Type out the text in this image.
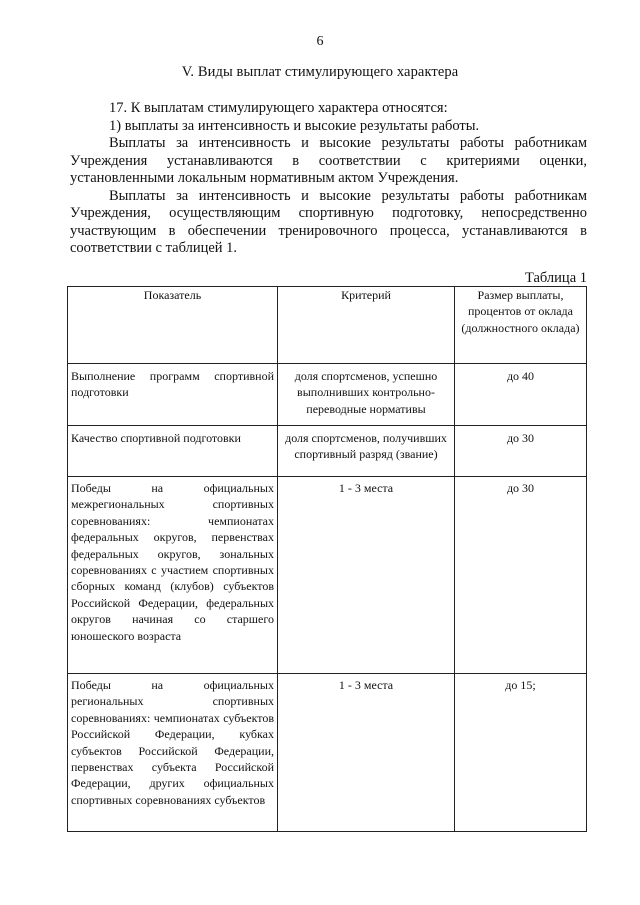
6
V. Виды выплат стимулирующего характера

17. К выплатам стимулирующего характера относятся:

1) выплаты за интенсивность и высокие результаты работы.

Выплаты за интенсивность и высокие результаты работы работникам Учреждения устанавливаются в соответствии с критериями оценки, установленными локальным нормативным актом Учреждения.

Выплаты за интенсивность и высокие результаты работы работникам Учреждения, осуществляющим спортивную подготовку, непосредственно участвующим в обеспечении тренировочного процесса, устанавливаются в соответствии с таблицей 1.

Таблица 1
Показатель	Критерий	Размер выплаты, процентов от оклада (должностного оклада)
Выполнение программ спортивной подготовки	доля спортсменов, успешно выполнивших контрольно-переводные нормативы	до 40
Качество спортивной подготовки	доля спортсменов, получивших спортивный разряд (звание)	до 30
Победы на официальных межрегиональных спортивных соревнованиях: чемпионатах федеральных округов, первенствах федеральных округов, зональных соревнованиях с участием спортивных сборных команд (клубов) субъектов Российской Федерации, федеральных округов начиная со старшего юношеского возраста	1 - 3 места	до 30
Победы на официальных региональных спортивных соревнованиях: чемпионатах субъектов Российской Федерации, кубках субъектов Российской Федерации, первенствах субъекта Российской Федерации, других официальных спортивных соревнованиях субъектов	1 - 3 места	до 15;
